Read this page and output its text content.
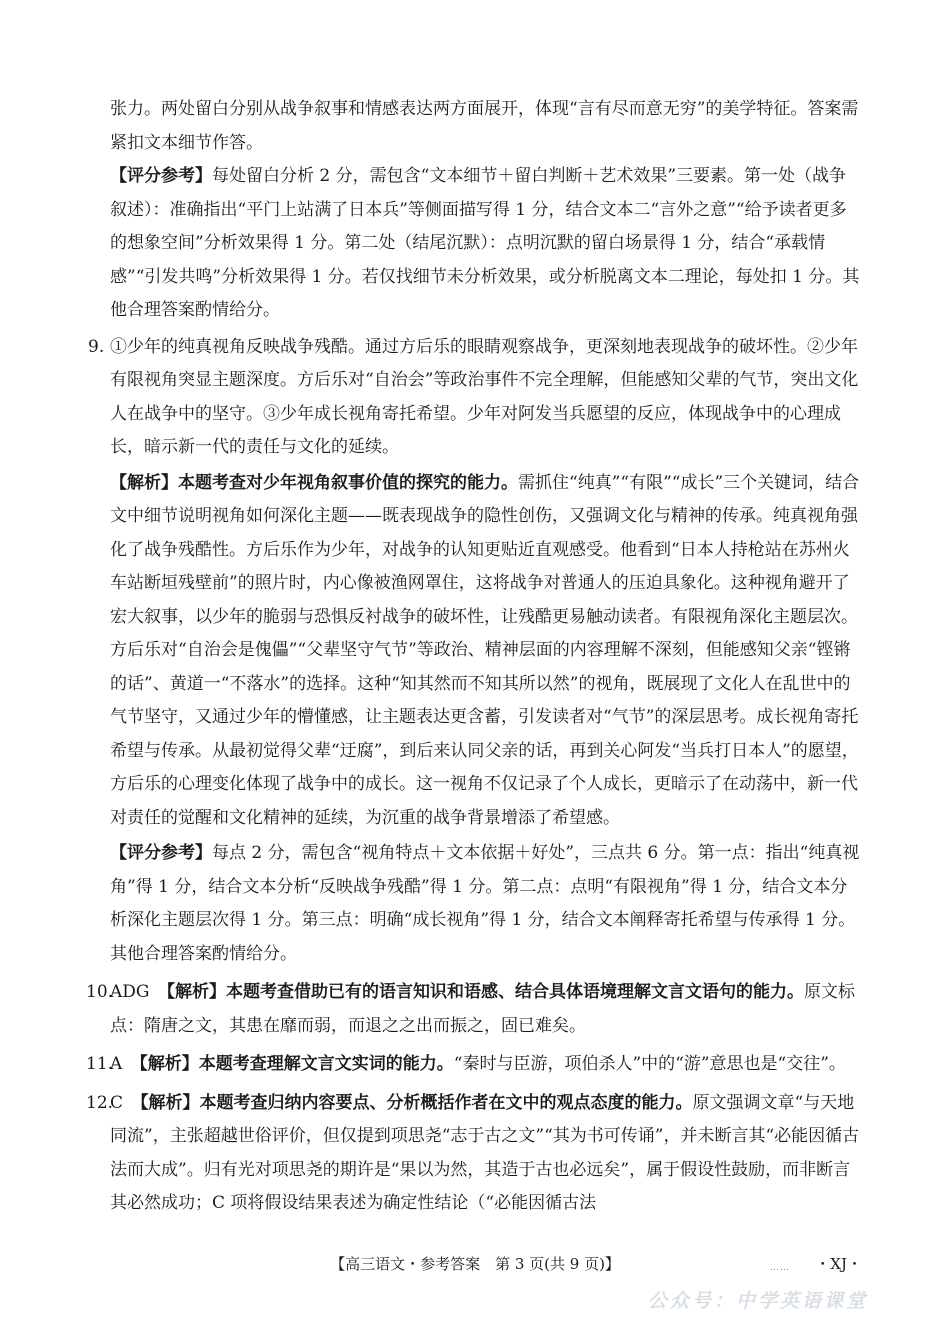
张力。两处留白分别从战争叙事和情感表达两方面展开，体现“言有尽而意无穷”的美学特征。答案需紧扣文本细节作答。

【评分参考】每处留白分析 2 分，需包含“文本细节＋留白判断＋艺术效果”三要素。第一处（战争叙述）：准确指出“平门上站满了日本兵”等侧面描写得 1 分，结合文本二“言外之意”“给予读者更多的想象空间”分析效果得 1 分。第二处（结尾沉默）：点明沉默的留白场景得 1 分，结合“承载情感”“引发共鸣”分析效果得 1 分。若仅找细节未分析效果，或分析脱离文本二理论，每处扣 1 分。其他合理答案酌情给分。

9. ①少年的纯真视角反映战争残酷。通过方后乐的眼睛观察战争，更深刻地表现战争的破坏性。②少年有限视角突显主题深度。方后乐对“自治会”等政治事件不完全理解，但能感知父辈的气节，突出文化人在战争中的坚守。③少年成长视角寄托希望。少年对阿发当兵愿望的反应，体现战争中的心理成长，暗示新一代的责任与文化的延续。

【解析】本题考查对少年视角叙事价值的探究的能力。需抓住“纯真”“有限”“成长”三个关键词，结合文中细节说明视角如何深化主题——既表现战争的隐性创伤，又强调文化与精神的传承。纯真视角强化了战争残酷性。方后乐作为少年，对战争的认知更贴近直观感受。他看到“日本人持枪站在苏州火车站断垣残壁前”的照片时，内心像被渔网罩住，这将战争对普通人的压迫具象化。这种视角避开了宏大叙事，以少年的脆弱与恐惧反衬战争的破坏性，让残酷更易触动读者。有限视角深化主题层次。方后乐对“自治会是傀儡”“父辈坚守气节”等政治、精神层面的内容理解不深刻，但能感知父亲“铿锵的话”、黄道一“不落水”的选择。这种“知其然而不知其所以然”的视角，既展现了文化人在乱世中的气节坚守，又通过少年的懵懂感，让主题表达更含蓄，引发读者对“气节”的深层思考。成长视角寄托希望与传承。从最初觉得父辈“迂腐”，到后来认同父亲的话，再到关心阿发“当兵打日本人”的愿望，方后乐的心理变化体现了战争中的成长。这一视角不仅记录了个人成长，更暗示了在动荡中，新一代对责任的觉醒和文化精神的延续，为沉重的战争背景增添了希望感。

【评分参考】每点 2 分，需包含“视角特点＋文本依据＋好处”，三点共 6 分。第一点：指出“纯真视角”得 1 分，结合文本分析“反映战争残酷”得 1 分。第二点：点明“有限视角”得 1 分，结合文本分析深化主题层次得 1 分。第三点：明确“成长视角”得 1 分，结合文本阐释寄托希望与传承得 1 分。其他合理答案酌情给分。

10.
ADG　【解析】本题考查借助已有的语言知识和语感、结合具体语境理解文言文语句的能力。原文标点：隋唐之文，其患在靡而弱，而退之之出而振之，固已难矣。

11.
A　【解析】本题考查理解文言文实词的能力。“秦时与臣游，项伯杀人”中的“游”意思也是“交往”。

12.
C　【解析】本题考查归纳内容要点、分析概括作者在文中的观点态度的能力。原文强调文章“与天地同流”，主张超越世俗评价，但仅提到项思尧“志于古之文”“其为书可传诵”，并未断言其“必能因循古法而大成”。归有光对项思尧的期许是“果以为然，其造于古也必远矣”，属于假设性鼓励，而非断言其必然成功；C 项将假设结果表述为确定性结论（“必能因循古法

【高三语文・参考答案　第 3 页(共 9 页)】	…… ・XJ・
公众号：中学英语课堂
